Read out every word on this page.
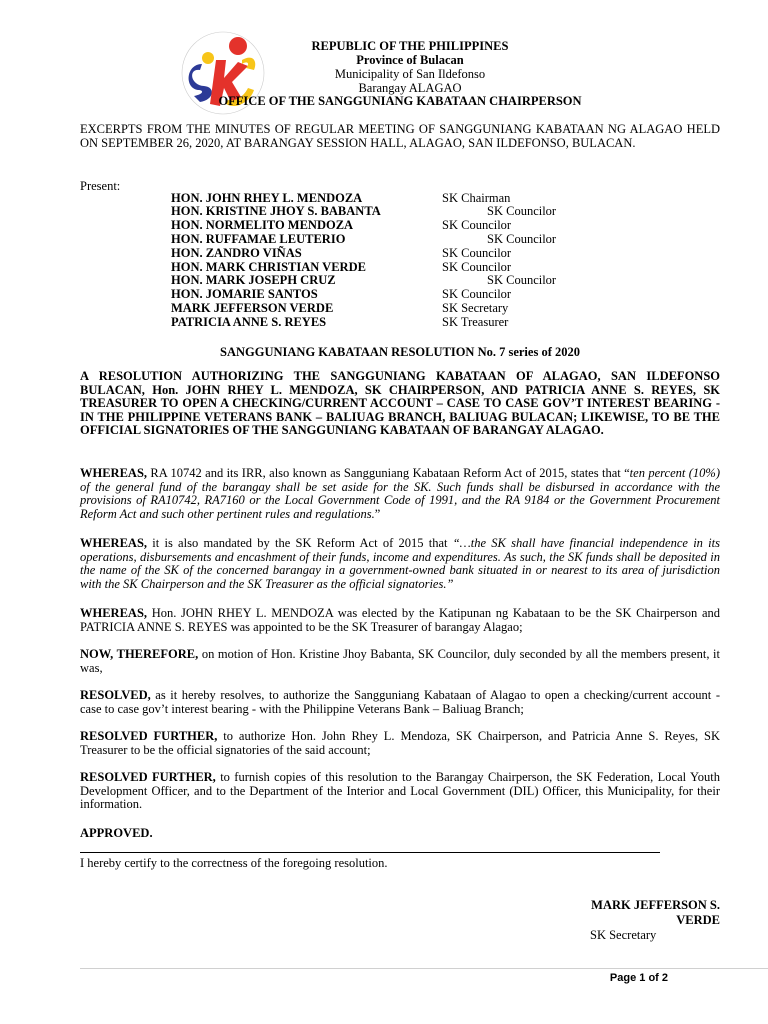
REPUBLIC OF THE PHILIPPINES
Province of Bulacan
Municipality of San Ildefonso
Barangay ALAGAO
OFFICE OF THE SANGGUNIANG KABATAAN CHAIRPERSON
EXCERPTS FROM THE MINUTES OF REGULAR MEETING OF SANGGUNIANG KABATAAN NG ALAGAO HELD ON SEPTEMBER 26, 2020, AT BARANGAY SESSION HALL, ALAGAO, SAN ILDEFONSO, BULACAN.
Present:
HON. JOHN RHEY L. MENDOZA	SK Chairman
HON. KRISTINE JHOY S. BABANTA	SK Councilor
HON. NORMELITO MENDOZA	SK Councilor
HON. RUFFAMAE LEUTERIO	SK Councilor
HON. ZANDRO VIÑAS	SK Councilor
HON. MARK CHRISTIAN VERDE	SK Councilor
HON. MARK JOSEPH CRUZ	SK Councilor
HON. JOMARIE SANTOS	SK Councilor
MARK JEFFERSON VERDE	SK Secretary
PATRICIA ANNE S. REYES	SK Treasurer
SANGGUNIANG KABATAAN RESOLUTION No. 7 series of 2020
A RESOLUTION AUTHORIZING THE SANGGUNIANG KABATAAN OF ALAGAO, SAN ILDEFONSO BULACAN, Hon. JOHN RHEY L. MENDOZA, SK CHAIRPERSON, AND PATRICIA ANNE S. REYES, SK TREASURER TO OPEN A CHECKING/CURRENT ACCOUNT – CASE TO CASE GOV’T INTEREST BEARING - IN THE PHILIPPINE VETERANS BANK – BALIUAG BRANCH, BALIUAG BULACAN; LIKEWISE, TO BE THE OFFICIAL SIGNATORIES OF THE SANGGUNIANG KABATAAN OF BARANGAY ALAGAO.
WHEREAS, RA 10742 and its IRR, also known as Sangguniang Kabataan Reform Act of 2015, states that “ten percent (10%) of the general fund of the barangay shall be set aside for the SK. Such funds shall be disbursed in accordance with the provisions of RA10742, RA7160 or the Local Government Code of 1991, and the RA 9184 or the Government Procurement Reform Act and such other pertinent rules and regulations.”
WHEREAS, it is also mandated by the SK Reform Act of 2015 that “…the SK shall have financial independence in its operations, disbursements and encashment of their funds, income and expenditures. As such, the SK funds shall be deposited in the name of the SK of the concerned barangay in a government-owned bank situated in or nearest to its area of jurisdiction with the SK Chairperson and the SK Treasurer as the official signatories.”
WHEREAS, Hon. JOHN RHEY L. MENDOZA was elected by the Katipunan ng Kabataan to be the SK Chairperson and PATRICIA ANNE S. REYES was appointed to be the SK Treasurer of barangay Alagao;
NOW, THEREFORE, on motion of Hon. Kristine Jhoy Babanta, SK Councilor, duly seconded by all the members present, it was,
RESOLVED, as it hereby resolves, to authorize the Sangguniang Kabataan of Alagao to open a checking/current account - case to case gov’t interest bearing - with the Philippine Veterans Bank – Baliuag Branch;
RESOLVED FURTHER, to authorize Hon. John Rhey L. Mendoza, SK Chairperson, and Patricia Anne S. Reyes, SK Treasurer to be the official signatories of the said account;
RESOLVED FURTHER, to furnish copies of this resolution to the Barangay Chairperson, the SK Federation, Local Youth Development Officer, and to the Department of the Interior and Local Government (DIL) Officer, this Municipality, for their information.
APPROVED.
I hereby certify to the correctness of the foregoing resolution.
MARK JEFFERSON S.
VERDE
SK Secretary
Page 1 of 2
